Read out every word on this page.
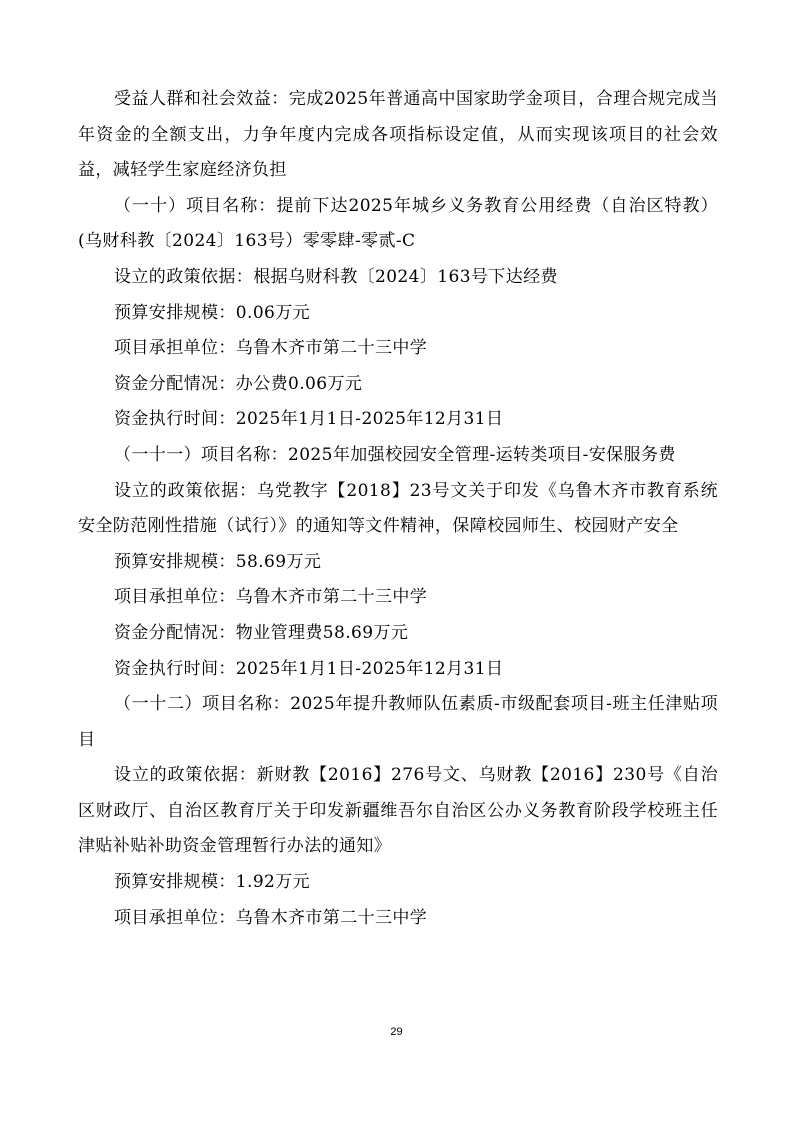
受益人群和社会效益：完成2025年普通高中国家助学金项目，合理合规完成当年资金的全额支出，力争年度内完成各项指标设定值，从而实现该项目的社会效益，减轻学生家庭经济负担

（一十）项目名称：提前下达2025年城乡义务教育公用经费（自治区特教）(乌财科教〔2024〕163号）零零肆-零贰-C

设立的政策依据：根据乌财科教〔2024〕163号下达经费

预算安排规模：0.06万元

项目承担单位：乌鲁木齐市第二十三中学

资金分配情况：办公费0.06万元

资金执行时间：2025年1月1日-2025年12月31日

（一十一）项目名称：2025年加强校园安全管理-运转类项目-安保服务费

设立的政策依据：乌党教字【2018】23号文关于印发《乌鲁木齐市教育系统安全防范刚性措施（试行）》的通知等文件精神，保障校园师生、校园财产安全

预算安排规模：58.69万元

项目承担单位：乌鲁木齐市第二十三中学

资金分配情况：物业管理费58.69万元

资金执行时间：2025年1月1日-2025年12月31日

（一十二）项目名称：2025年提升教师队伍素质-市级配套项目-班主任津贴项目

设立的政策依据：新财教【2016】276号文、乌财教【2016】230号《自治区财政厅、自治区教育厅关于印发新疆维吾尔自治区公办义务教育阶段学校班主任津贴补贴补助资金管理暂行办法的通知》

预算安排规模：1.92万元

项目承担单位：乌鲁木齐市第二十三中学

29
